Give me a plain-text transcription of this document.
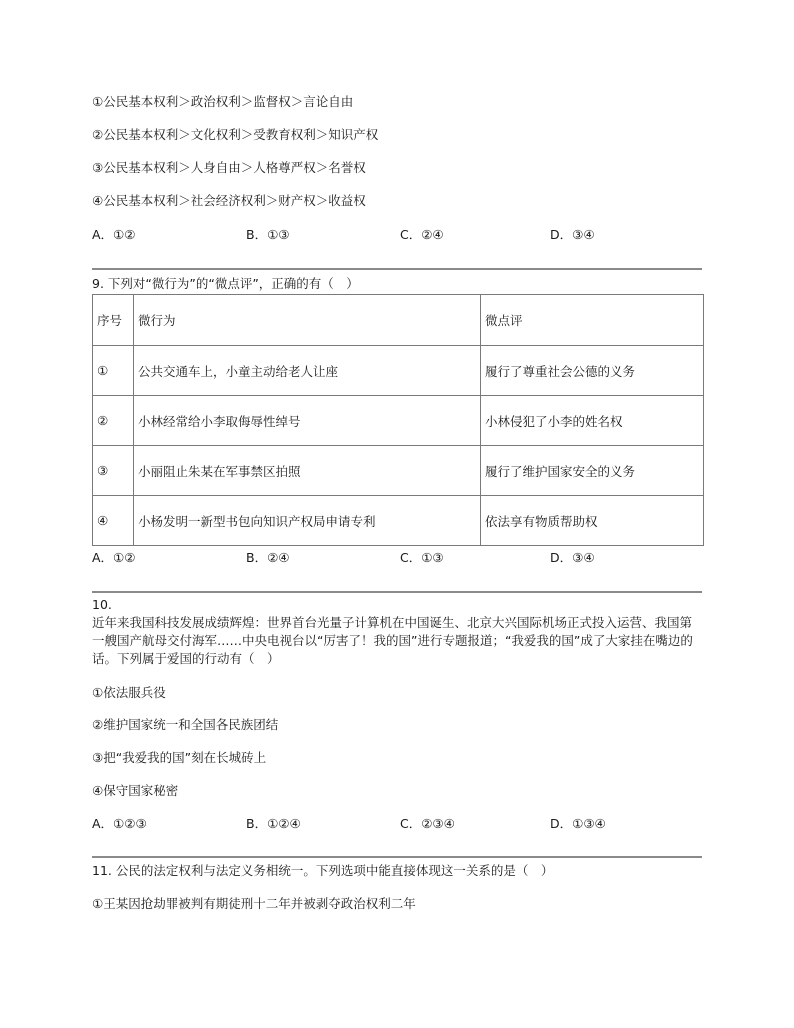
①公民基本权利＞政治权利＞监督权＞言论自由
②公民基本权利＞文化权利＞受教育权利＞知识产权
③公民基本权利＞人身自由＞人格尊严权＞名誉权
④公民基本权利＞社会经济权利＞财产权＞收益权
A．①②	B．①③	C．②④	D．③④
9. 下列对“微行为”的“微点评”，正确的有（　）
序号	微行为	微点评
①	公共交通车上，小童主动给老人让座	履行了尊重社会公德的义务
②	小林经常给小李取侮辱性绰号	小林侵犯了小李的姓名权
③	小丽阻止朱某在军事禁区拍照	履行了维护国家安全的义务
④	小杨发明一新型书包向知识产权局申请专利	依法享有物质帮助权
A．①②	B．②④	C．①③	D．③④
10.
近年来我国科技发展成绩辉煌：世界首台光量子计算机在中国诞生、北京大兴国际机场正式投入运营、我国第一艘国产航母交付海军……中央电视台以“厉害了！我的国”进行专题报道；“我爱我的国”成了大家挂在嘴边的话。下列属于爱国的行动有（　）
①依法服兵役
②维护国家统一和全国各民族团结
③把“我爱我的国”刻在长城砖上
④保守国家秘密
A．①②③	B．①②④	C．②③④	D．①③④
11. 公民的法定权利与法定义务相统一。下列选项中能直接体现这一关系的是（　）
①王某因抢劫罪被判有期徒刑十二年并被剥夺政治权利二年
